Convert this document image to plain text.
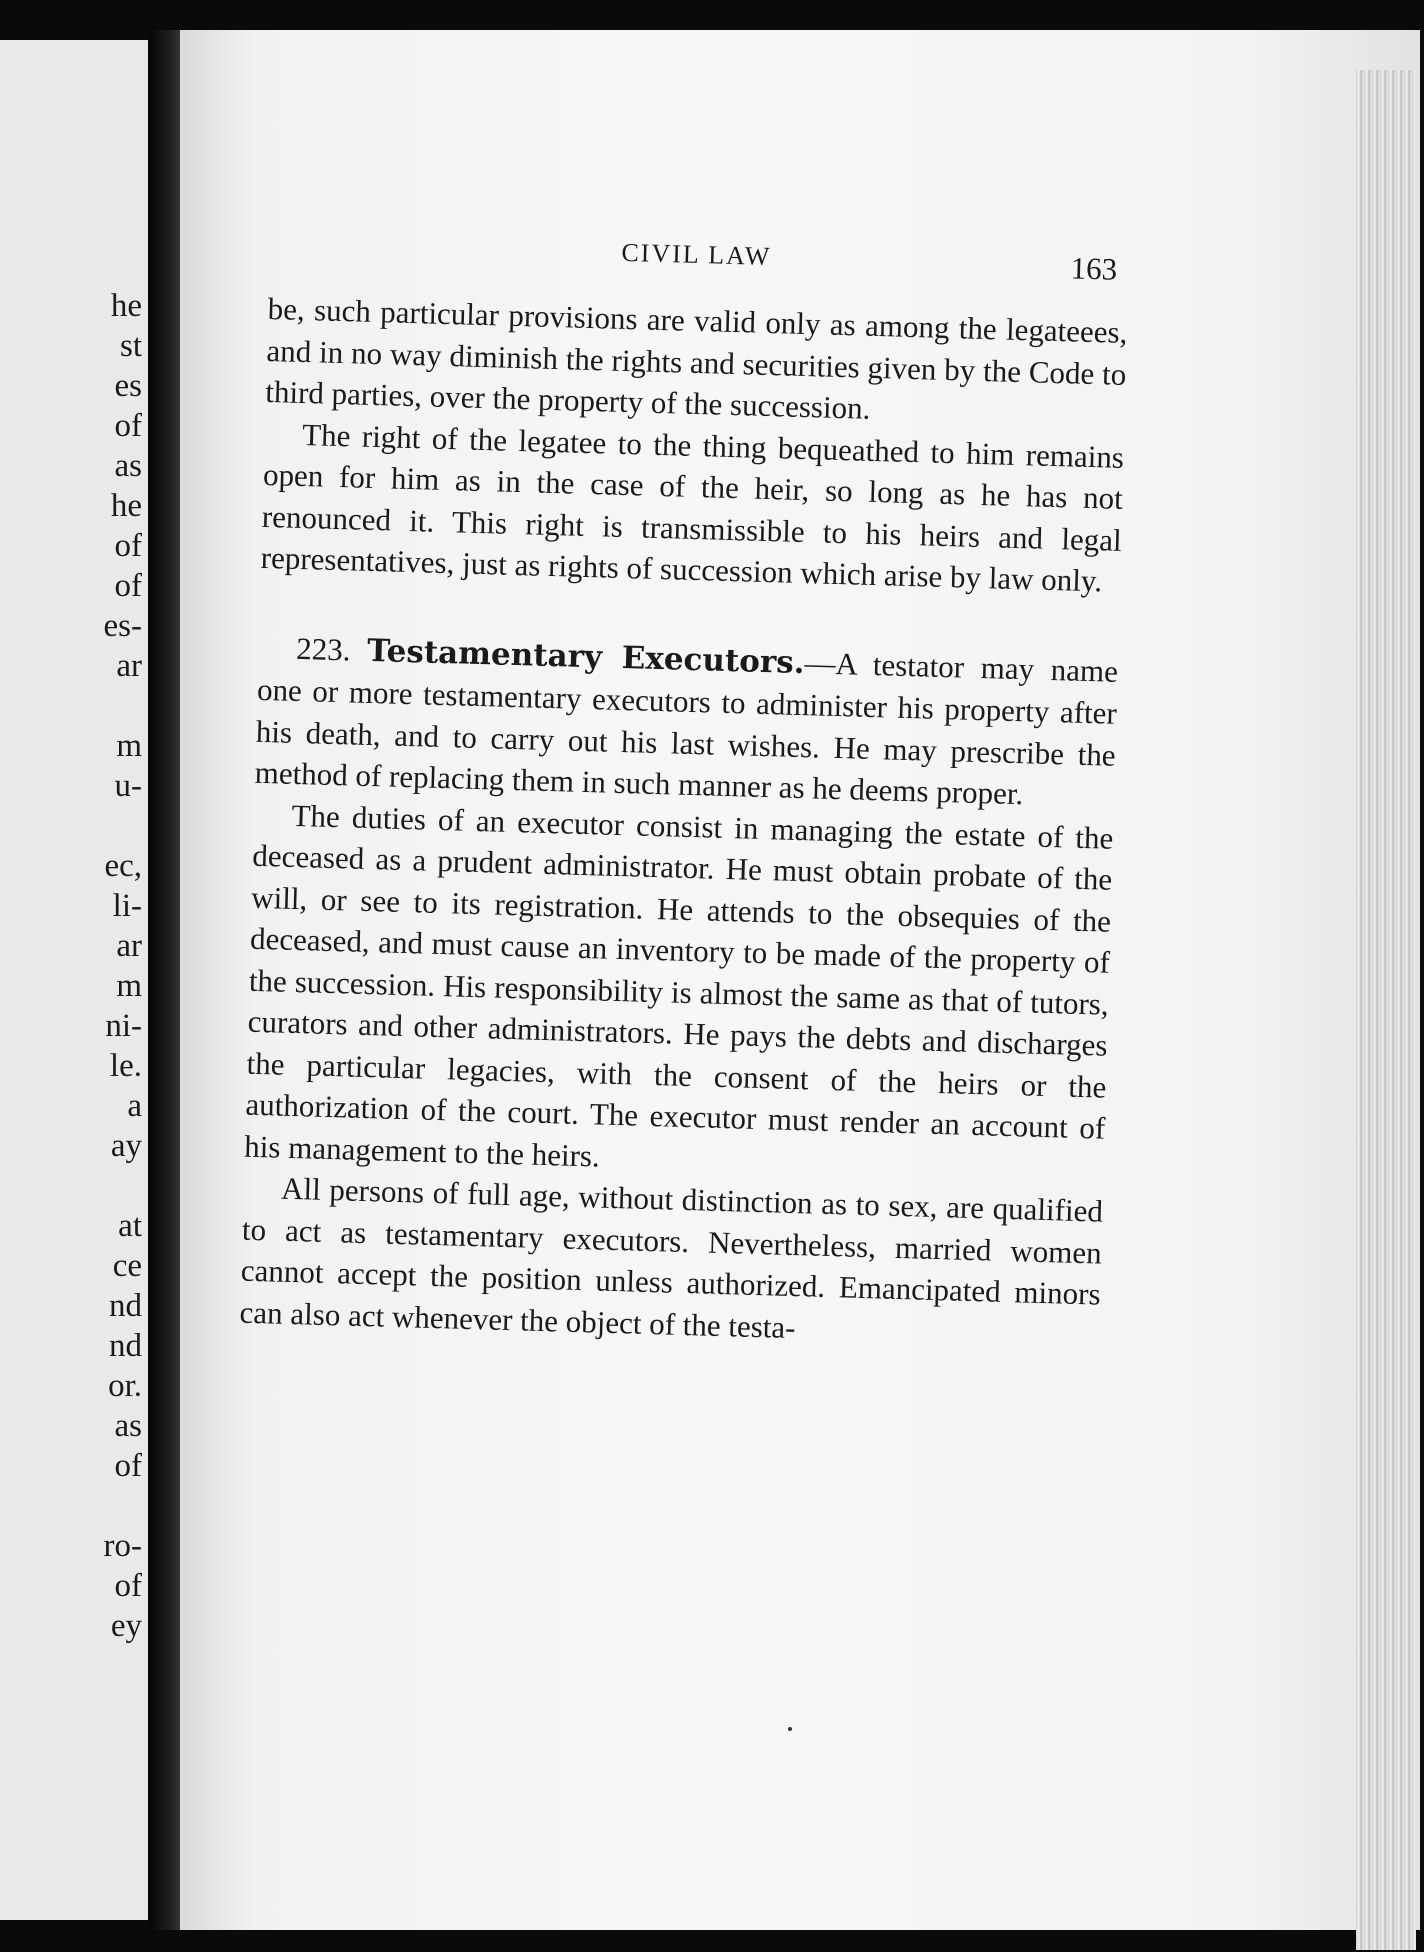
he
st
es
of
as
he
of
of
es-
ar

m
u-

ec,
li-
ar
m
ni-
le.
a
ay

at
ce
nd
nd
or.
as
of

ro-
of
ey
CIVIL LAW	163

be, such particular provisions are valid only as among the legateees, and in no way diminish the rights and securities given by the Code to third parties, over the property of the succession.

The right of the legatee to the thing bequeathed to him remains open for him as in the case of the heir, so long as he has not renounced it. This right is transmissible to his heirs and legal representatives, just as rights of succession which arise by law only.

223. Testamentary Executors.—A testator may name one or more testamentary executors to administer his property after his death, and to carry out his last wishes. He may prescribe the method of replacing them in such manner as he deems proper.

The duties of an executor consist in managing the estate of the deceased as a prudent administrator. He must obtain probate of the will, or see to its registration. He attends to the obsequies of the deceased, and must cause an inventory to be made of the property of the succession. His responsibility is almost the same as that of tutors, curators and other administrators. He pays the debts and discharges the particular legacies, with the consent of the heirs or the authorization of the court. The executor must render an account of his management to the heirs.

All persons of full age, without distinction as to sex, are qualified to act as testamentary executors. Nevertheless, married women cannot accept the position unless authorized. Emancipated minors can also act whenever the object of the testa-
